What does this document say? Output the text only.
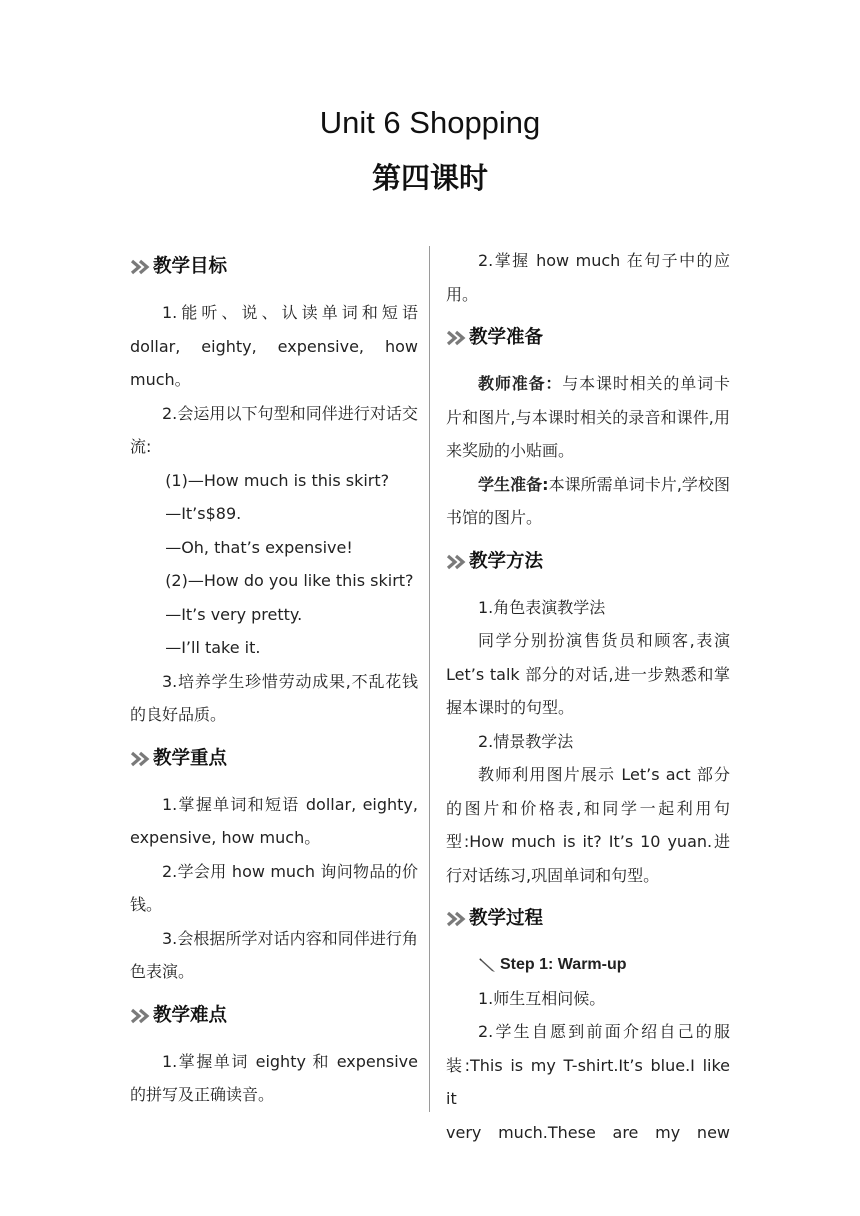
Unit 6 Shopping
第四课时
教学目标

1.能听、说、认读单词和短语dollar, eighty, expensive, how much。

2.会运用以下句型和同伴进行对话交流:

(1)—How much is this skirt?

—It’s$89.

—Oh, that’s expensive!

(2)—How do you like this skirt?

—It’s very pretty.

—I’ll take it.

3.培养学生珍惜劳动成果,不乱花钱的良好品质。

教学重点

1.掌握单词和短语 dollar, eighty, expensive, how much。

2.学会用 how much 询问物品的价钱。

3.会根据所学对话内容和同伴进行角色表演。

教学难点

1.掌握单词 eighty 和 expensive 的拼写及正确读音。

2.掌握 how much 在句子中的应用。

教学准备

教师准备：与本课时相关的单词卡片和图片,与本课时相关的录音和课件,用来奖励的小贴画。

学生准备:本课所需单词卡片,学校图书馆的图片。

教学方法

1.角色表演教学法

同学分别扮演售货员和顾客,表演 Let’s talk 部分的对话,进一步熟悉和掌握本课时的句型。

2.情景教学法

教师利用图片展示 Let’s act 部分的图片和价格表,和同学一起利用句型:How much is it? It’s 10 yuan.进行对话练习,巩固单词和句型。

教学过程
Step 1: Warm-up

1.师生互相问候。

2.学生自愿到前面介绍自己的服装:This is my T-shirt.It’s blue.I like it

very much.These are my new
